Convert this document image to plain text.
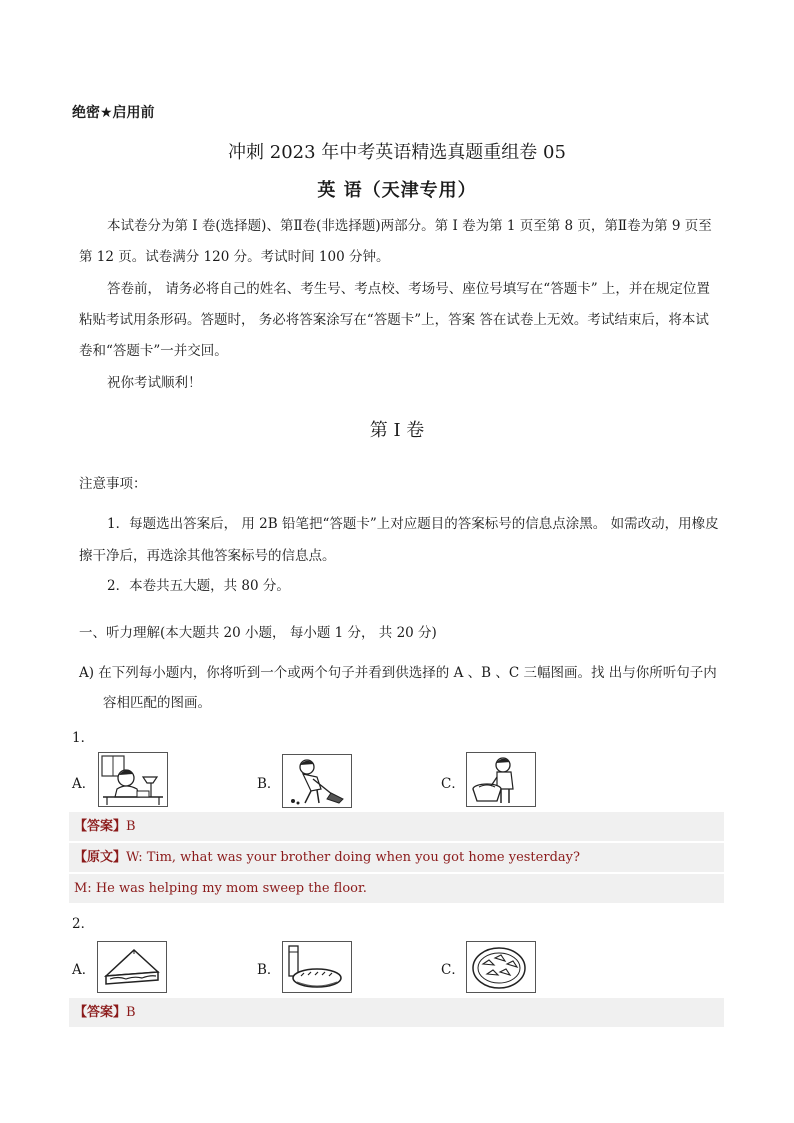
绝密★启用前
冲刺 2023 年中考英语精选真题重组卷 05
英 语（天津专用）
本试卷分为第 I 卷(选择题)、第Ⅱ卷(非选择题)两部分。第 I 卷为第 1 页至第 8 页，第Ⅱ卷为第 9 页至第 12 页。试卷满分 120 分。考试时间 100 分钟。
答卷前， 请务必将自己的姓名、考生号、考点校、考场号、座位号填写在“答题卡” 上，并在规定位置粘贴考试用条形码。答题时， 务必将答案涂写在“答题卡”上，答案 答在试卷上无效。考试结束后，将本试卷和“答题卡”一并交回。
祝你考试顺利！
第 I 卷
注意事项：
1．每题选出答案后， 用 2B 铅笔把“答题卡”上对应题目的答案标号的信息点涂黑。 如需改动，用橡皮擦干净后，再选涂其他答案标号的信息点。
2．本卷共五大题，共 80 分。
一、听力理解(本大题共 20 小题， 每小题 1 分， 共 20 分)
A) 在下列每小题内，你将听到一个或两个句子并看到供选择的 A 、B 、C 三幅图画。找 出与你所听句子内容相匹配的图画。
1．
A．	B．	C．
【答案】B
【原文】W: Tim, what was your brother doing when you got home yesterday?
M: He was helping my mom sweep the floor.
2．
A．	B．	C．
【答案】B
